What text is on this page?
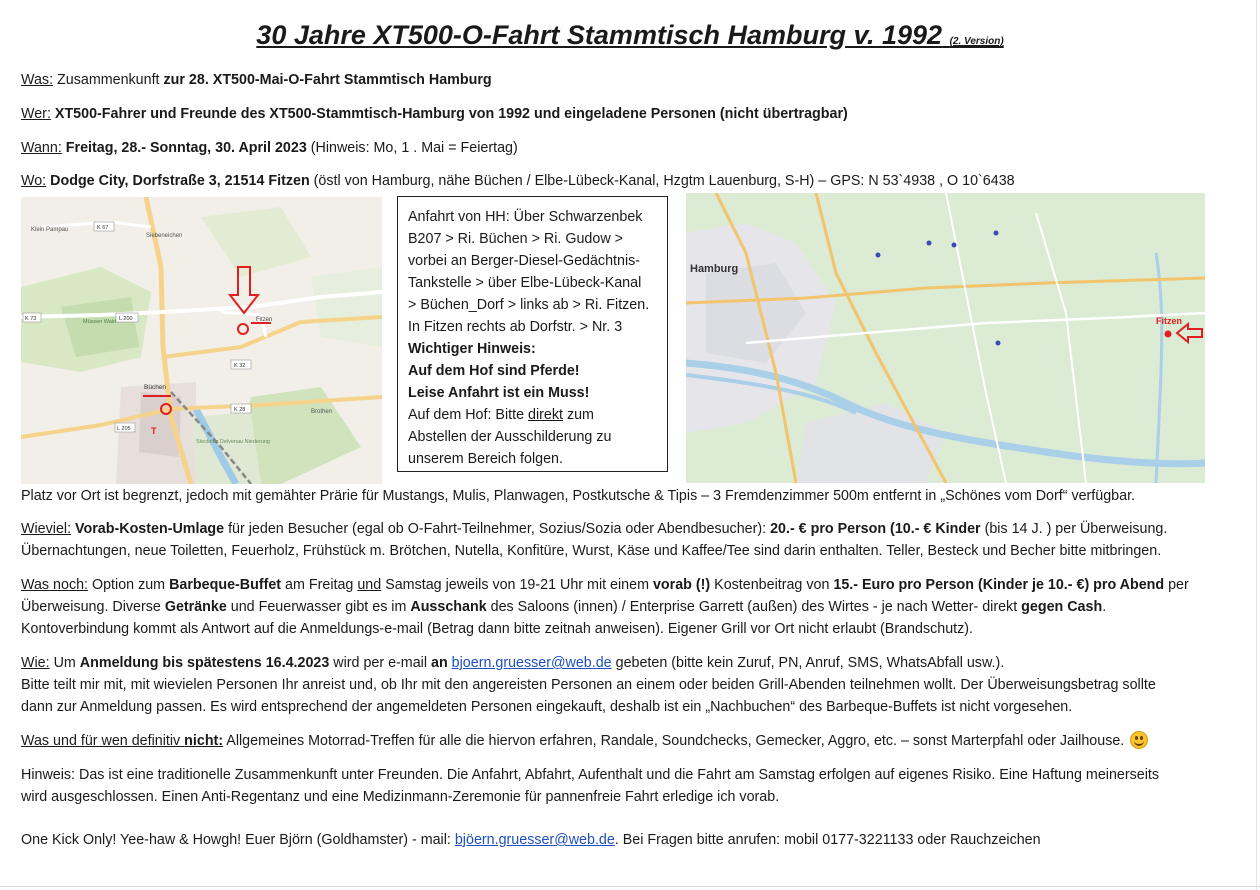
30 Jahre XT500-O-Fahrt Stammtisch Hamburg v. 1992 (2. Version)
Was: Zusammenkunft zur 28. XT500-Mai-O-Fahrt Stammtisch Hamburg
Wer: XT500-Fahrer und Freunde des XT500-Stammtisch-Hamburg von 1992 und eingeladene Personen (nicht übertragbar)
Wann: Freitag, 28.- Sonntag, 30. April 2023 (Hinweis: Mo, 1 . Mai = Feiertag)
Wo: Dodge City, Dorfstraße 3, 21514 Fitzen (östl von Hamburg, nähe Büchen / Elbe-Lübeck-Kanal, Hzgtm Lauenburg, S-H) – GPS: N 53`4938 , O 10`6438
Klein Pampau	K 67
Siebeneichen
K 73	L 200
Müssen Wald	Fitzen
K 32
Büchen
K 28	Brothen
L 205
Stecknitz Delvenau Niederung
T
Anfahrt von HH: Über Schwarzenbek
B207 > Ri. Büchen > Ri. Gudow >
vorbei an Berger-Diesel-Gedächtnis-
Tankstelle > über Elbe-Lübeck-Kanal
> Büchen_Dorf > links ab > Ri. Fitzen.
In Fitzen rechts ab Dorfstr. > Nr. 3
Wichtiger Hinweis:
Auf dem Hof sind Pferde!
Leise Anfahrt ist ein Muss!
Auf dem Hof: Bitte direkt zum
Abstellen der Ausschilderung zu
unserem Bereich folgen.
Hamburg
Fitzen
Platz vor Ort ist begrenzt, jedoch mit gemähter Prärie für Mustangs, Mulis, Planwagen, Postkutsche & Tipis – 3 Fremdenzimmer 500m entfernt in „Schönes vom Dorf“ verfügbar.
Wieviel: Vorab-Kosten-Umlage für jeden Besucher (egal ob O-Fahrt-Teilnehmer, Sozius/Sozia oder Abendbesucher): 20.- € pro Person (10.- € Kinder (bis 14 J. ) per Überweisung.
Übernachtungen, neue Toiletten, Feuerholz, Frühstück m. Brötchen, Nutella, Konfitüre, Wurst, Käse und Kaffee/Tee sind darin enthalten. Teller, Besteck und Becher bitte mitbringen.
Was noch: Option zum Barbeque-Buffet am Freitag und Samstag jeweils von 19-21 Uhr mit einem vorab (!) Kostenbeitrag von 15.- Euro pro Person (Kinder je 10.- €) pro Abend per
Überweisung. Diverse Getränke und Feuerwasser gibt es im Ausschank des Saloons (innen) / Enterprise Garrett (außen) des Wirtes - je nach Wetter- direkt gegen Cash.
Kontoverbindung kommt als Antwort auf die Anmeldungs-e-mail (Betrag dann bitte zeitnah anweisen). Eigener Grill vor Ort nicht erlaubt (Brandschutz).
Wie: Um Anmeldung bis spätestens 16.4.2023 wird per e-mail an bjoern.gruesser@web.de gebeten (bitte kein Zuruf, PN, Anruf, SMS, WhatsAbfall usw.).
Bitte teilt mir mit, mit wievielen Personen Ihr anreist und, ob Ihr mit den angereisten Personen an einem oder beiden Grill-Abenden teilnehmen wollt. Der Überweisungsbetrag sollte
dann zur Anmeldung passen. Es wird entsprechend der angemeldeten Personen eingekauft, deshalb ist ein „Nachbuchen“ des Barbeque-Buffets ist nicht vorgesehen.
Was und für wen definitiv nicht: Allgemeines Motorrad-Treffen für alle die hiervon erfahren, Randale, Soundchecks, Gemecker, Aggro, etc. – sonst Marterpfahl oder Jailhouse.
Hinweis: Das ist eine traditionelle Zusammenkunft unter Freunden. Die Anfahrt, Abfahrt, Aufenthalt und die Fahrt am Samstag erfolgen auf eigenes Risiko. Eine Haftung meinerseits
wird ausgeschlossen. Einen Anti-Regentanz und eine Medizinmann-Zeremonie für pannenfreie Fahrt erledige ich vorab.
One Kick Only! Yee-haw & Howgh! Euer Björn (Goldhamster) - mail: bjöern.gruesser@web.de. Bei Fragen bitte anrufen: mobil 0177-3221133 oder Rauchzeichen
